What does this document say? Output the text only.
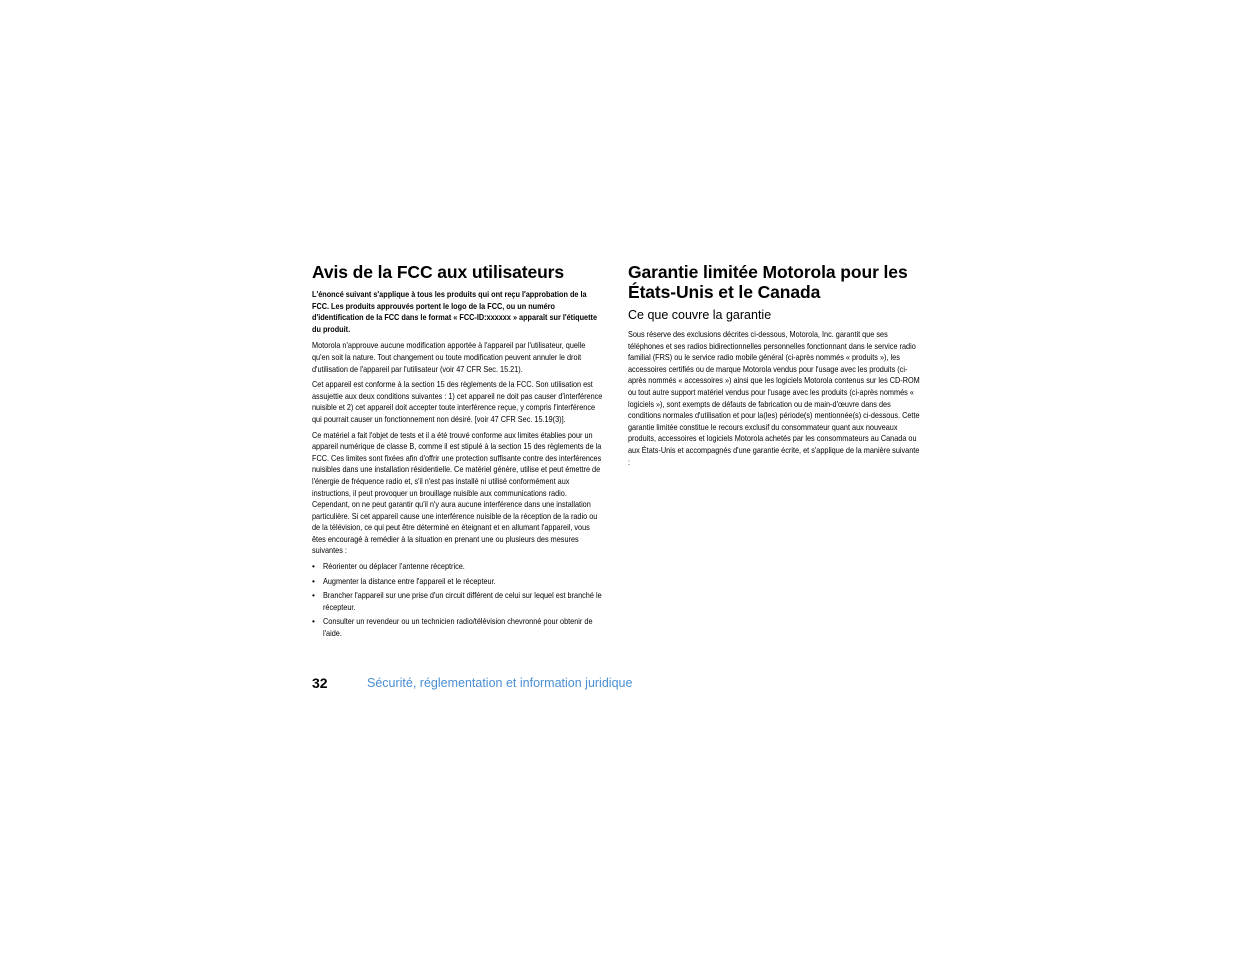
Avis de la FCC aux utilisateurs

L'énoncé suivant s'applique à tous les produits qui ont reçu l'approbation de la FCC. Les produits approuvés portent le logo de la FCC, ou un numéro d'identification de la FCC dans le format « FCC-ID:xxxxxx » apparaît sur l'étiquette du produit.

Motorola n'approuve aucune modification apportée à l'appareil par l'utilisateur, quelle qu'en soit la nature. Tout changement ou toute modification peuvent annuler le droit d'utilisation de l'appareil par l'utilisateur (voir 47 CFR Sec. 15.21).

Cet appareil est conforme à la section 15 des règlements de la FCC. Son utilisation est assujettie aux deux conditions suivantes : 1) cet appareil ne doit pas causer d'interférence nuisible et 2) cet appareil doit accepter toute interférence reçue, y compris l'interférence qui pourrait causer un fonctionnement non désiré. [voir 47 CFR Sec. 15.19(3)].

Ce matériel a fait l'objet de tests et il a été trouvé conforme aux limites établies pour un appareil numérique de classe B, comme il est stipulé à la section 15 des règlements de la FCC. Ces limites sont fixées afin d'offrir une protection suffisante contre des interférences nuisibles dans une installation résidentielle. Ce matériel génère, utilise et peut émettre de l'énergie de fréquence radio et, s'il n'est pas installé ni utilisé conformément aux instructions, il peut provoquer un brouillage nuisible aux communications radio. Cependant, on ne peut garantir qu'il n'y aura aucune interférence dans une installation particulière. Si cet appareil cause une interférence nuisible de la réception de la radio ou de la télévision, ce qui peut être déterminé en éteignant et en allumant l'appareil, vous êtes encouragé à remédier à la situation en prenant une ou plusieurs des mesures suivantes :

• Réorienter ou déplacer l'antenne réceptrice.
• Augmenter la distance entre l'appareil et le récepteur.
• Brancher l'appareil sur une prise d'un circuit différent de celui sur lequel est branché le récepteur.
• Consulter un revendeur ou un technicien radio/télévision chevronné pour obtenir de l'aide.
Garantie limitée Motorola pour les États-Unis et le Canada
Ce que couvre la garantie

Sous réserve des exclusions décrites ci-dessous, Motorola, Inc. garantit que ses téléphones et ses radios bidirectionnelles personnelles fonctionnant dans le service radio familial (FRS) ou le service radio mobile général (ci-après nommés « produits »), les accessoires certifiés ou de marque Motorola vendus pour l'usage avec les produits (ci-après nommés « accessoires ») ainsi que les logiciels Motorola contenus sur les CD-ROM ou tout autre support matériel vendus pour l'usage avec les produits (ci-après nommés « logiciels »), sont exempts de défauts de fabrication ou de main-d'œuvre dans des conditions normales d'utilisation et pour la(les) période(s) mentionnée(s) ci-dessous. Cette garantie limitée constitue le recours exclusif du consommateur quant aux nouveaux produits, accessoires et logiciels Motorola achetés par les consommateurs au Canada ou aux États-Unis et accompagnés d'une garantie écrite, et s'applique de la manière suivante :

32	Sécurité, réglementation et information juridique
